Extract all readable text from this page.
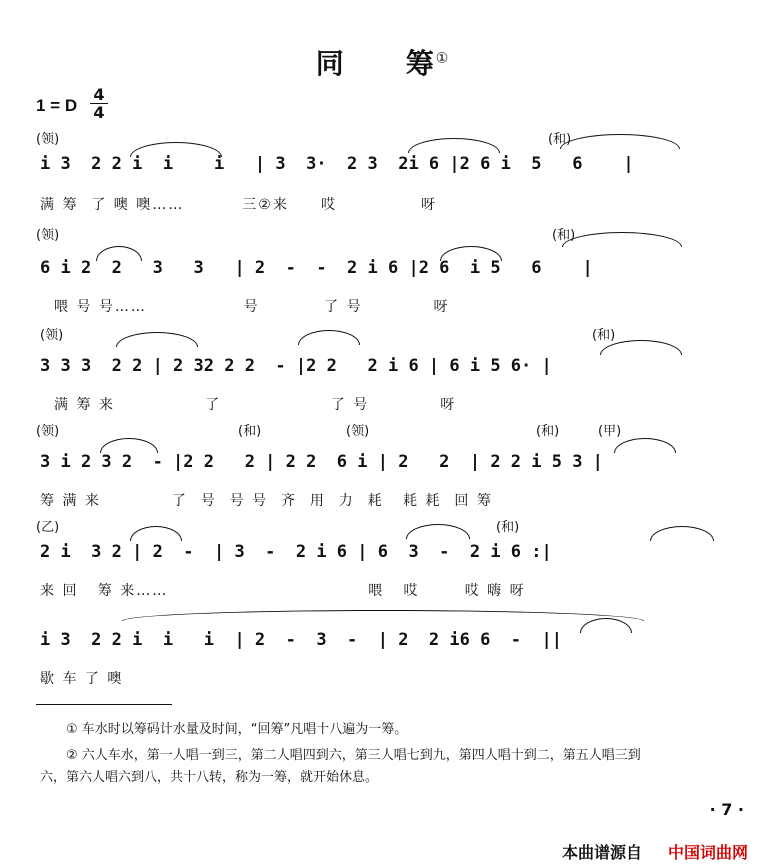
同　　筹①
1 = D
4
4
(领)	(和)
i 3  2 2 i  i    i   | 3  3·  2 3  2i 6 |2 6 i  5   6    |
满 筹  了 噢 噢……         三②来     哎             呀
(领)	(和)
6 i 2  2   3   3   | 2  -  -  2 i 6 |2 6  i 5   6    |
喂 号 号……               号          了 号           呀
(领)	(和)
3 3 3  2 2 | 2 32 2 2  - |2 2   2 i 6 | 6 i 5 6· |
满 筹 来              了                 了 号           呀
(领)	(和)	(领)	(和)	(甲)
3 i 2 3 2  - |2 2   2 | 2 2  6 i | 2   2  | 2 2 i 5 3 |
筹 满 来           了  号  号 号  齐  用  力  耗   耗 耗  回 筹
(乙)	(和)
2 i  3 2 | 2  -  | 3  -  2 i 6 | 6  3  -  2 i 6 :|
来 回   筹 来……                               喂   哎       哎 嗨 呀
i 3  2 2 i  i   i  | 2  -  3  -  | 2  2 i6 6  -  ||
歇 车 了 噢
① 车水时以筹码计水量及时间，“回筹”凡唱十八遍为一筹。
② 六人车水，第一人唱一到三，第二人唱四到六，第三人唱七到九，第四人唱十到二，第五人唱三到
六，第六人唱六到八，共十八转，称为一筹，就开始休息。
· 7 ·
本曲谱源自 中国词曲网
